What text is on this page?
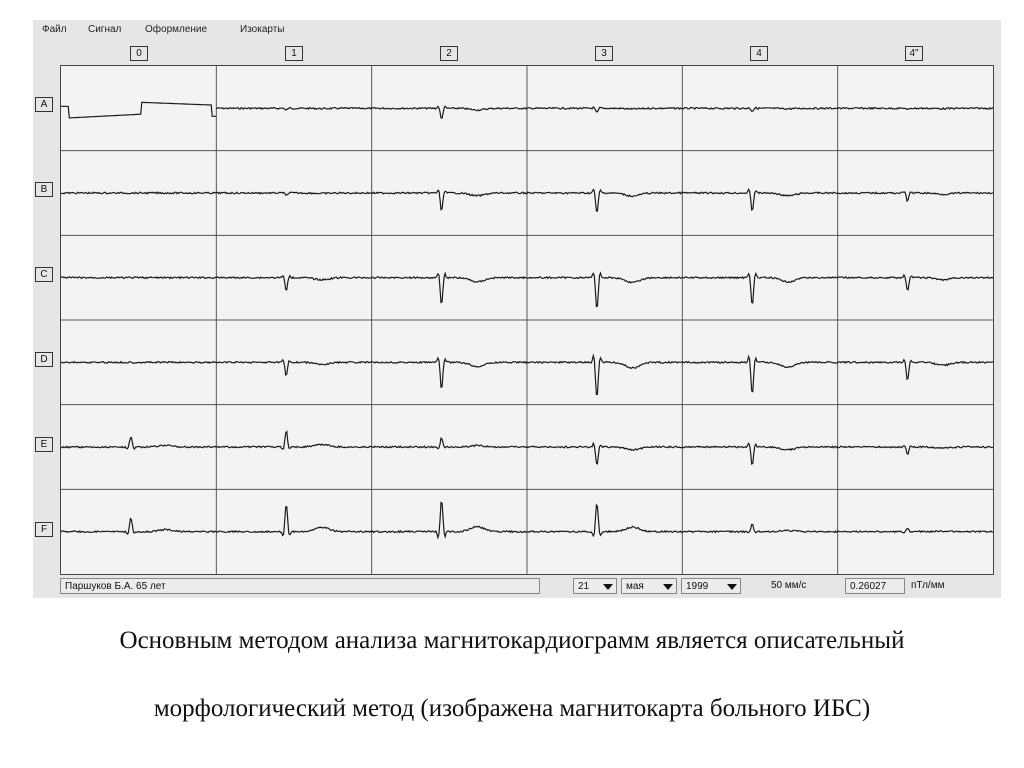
Файл Сигнал Оформление	Изокарты
0	1	2	3	4	4"
A
B
C
D
E
F
Паршуков Б.А. 65 лет	21	мая	1999	50 мм/с	0.26027	пТл/мм
Основным методом анализа магнитокардиограмм является описательный
морфологический метод (изображена магнитокарта больного ИБС)
